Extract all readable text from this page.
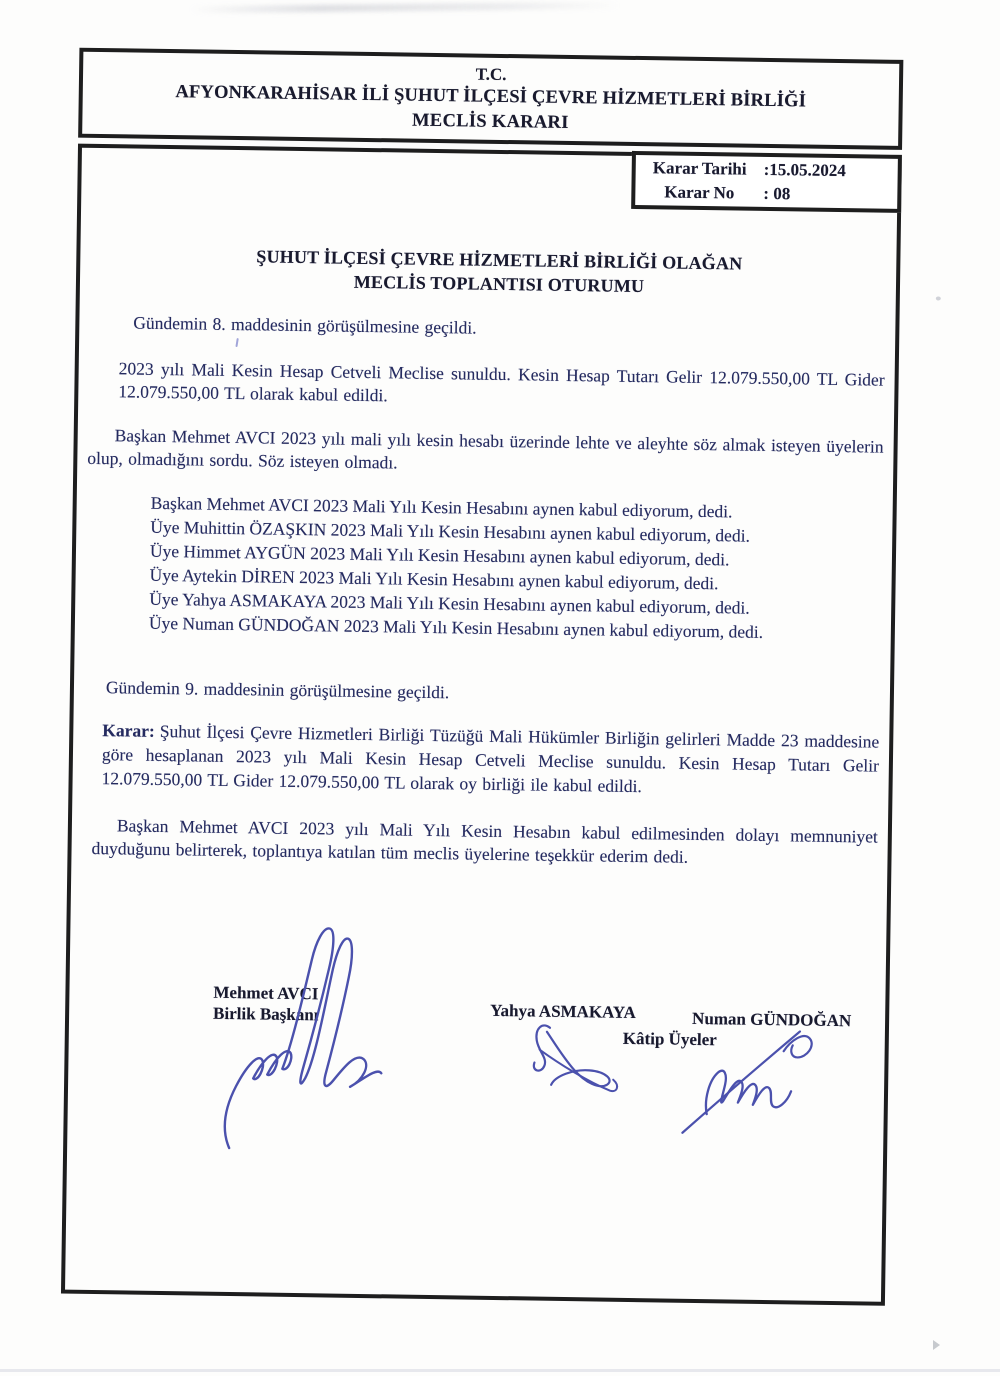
T.C.
AFYONKARAHİSAR İLİ ŞUHUT İLÇESİ ÇEVRE HİZMETLERİ BİRLİĞİ
MECLİS KARARI
Karar Tarihi :15.05.2024
Karar No	: 08
ŞUHUT İLÇESİ ÇEVRE HİZMETLERİ BİRLİĞİ OLAĞAN
MECLİS TOPLANTISI OTURUMU

Gündemin 8. maddesinin görüşülmesine geçildi.

2023 yılı Mali Kesin Hesap Cetveli Meclise sunuldu. Kesin Hesap Tutarı Gelir 12.079.550,00 TL Gider 12.079.550,00 TL olarak kabul edildi.

Başkan Mehmet AVCI 2023 yılı mali yılı kesin hesabı üzerinde lehte ve aleyhte söz almak isteyen üyelerin olup, olmadığını sordu. Söz isteyen olmadı.

Başkan Mehmet AVCI 2023 Mali Yılı Kesin Hesabını aynen kabul ediyorum, dedi.
Üye Muhittin ÖZAŞKIN 2023 Mali Yılı Kesin Hesabını aynen kabul ediyorum, dedi.
Üye Himmet AYGÜN 2023 Mali Yılı Kesin Hesabını aynen kabul ediyorum, dedi.
Üye Aytekin DİREN 2023 Mali Yılı Kesin Hesabını aynen kabul ediyorum, dedi.
Üye Yahya ASMAKAYA 2023 Mali Yılı Kesin Hesabını aynen kabul ediyorum, dedi.
Üye Numan GÜNDOĞAN 2023 Mali Yılı Kesin Hesabını aynen kabul ediyorum, dedi.

Gündemin 9. maddesinin görüşülmesine geçildi.

Karar: Şuhut İlçesi Çevre Hizmetleri Birliği Tüzüğü Mali Hükümler Birliğin gelirleri Madde 23 maddesine göre hesaplanan 2023 yılı Mali Kesin Hesap Cetveli Meclise sunuldu. Kesin Hesap Tutarı Gelir 12.079.550,00 TL Gider 12.079.550,00 TL olarak oy birliği ile kabul edildi.

Başkan Mehmet AVCI 2023 yılı Mali Yılı Kesin Hesabın kabul edilmesinden dolayı memnuniyet duyduğunu belirterek, toplantıya katılan tüm meclis üyelerine teşekkür ederim dedi.

Mehmet AVCI
Birlik Başkanı	Yahya ASMAKAYA	Numan GÜNDOĞAN
Kâtip Üyeler
